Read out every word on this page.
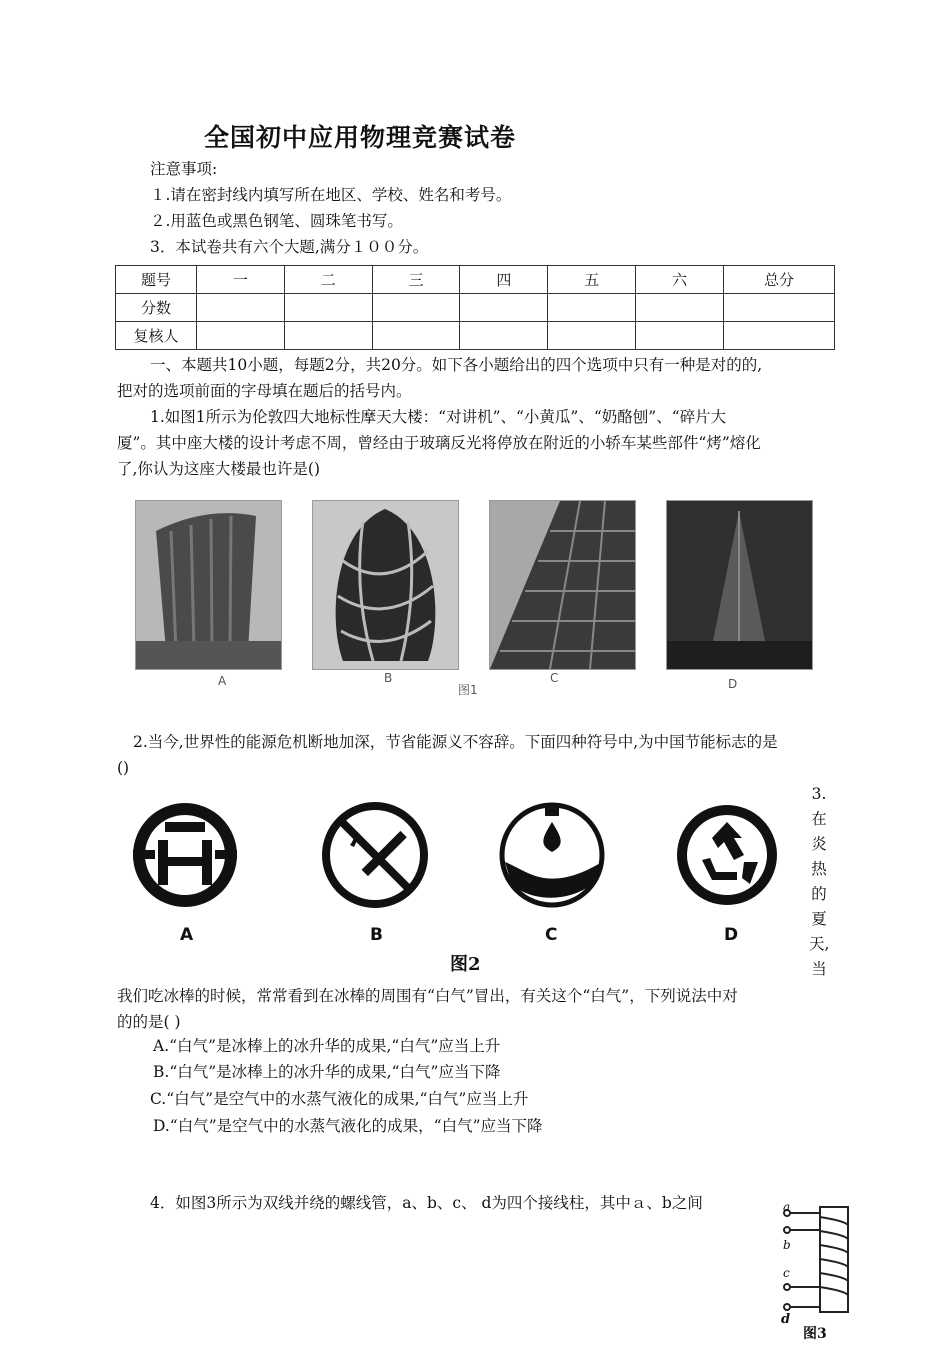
全国初中应用物理竞赛试卷
注意事项:
１.请在密封线内填写所在地区、学校、姓名和考号。
２.用蓝色或黑色钢笔、圆珠笔书写。
3．本试卷共有六个大题,满分１００分。
题号	一	二	三	四	五	六	总分
分数							
复核人							
一、本题共10小题，每题2分，共20分。如下各小题给出的四个选项中只有一种是对的的,
把对的选项前面的字母填在题后的括号内。
1.如图1所示为伦敦四大地标性摩天大楼：“对讲机”、“小黄瓜”、“奶酪刨”、“碎片大
厦”。其中座大楼的设计考虑不周，曾经由于玻璃反光将停放在附近的小轿车某些部件“烤”熔化
了,你认为这座大楼最也许是()
A	B	C	D
图1
2.当今,世界性的能源危机断地加深，节省能源义不容辞。下面四种符号中,为中国节能标志的是
()
A	B	C	D
图2
3.
在
炎
热
的
夏
天,
当
我们吃冰棒的时候，常常看到在冰棒的周围有“白气”冒出，有关这个“白气”，下列说法中对
的的是( )
A.“白气”是冰棒上的冰升华的成果,“白气”应当上升
B.“白气”是冰棒上的冰升华的成果,“白气”应当下降
C.“白气”是空气中的水蒸气液化的成果,“白气”应当上升
D.“白气”是空气中的水蒸气液化的成果，“白气”应当下降
4．如图3所示为双线并绕的螺线管，a、b、c、 d为四个接线柱，其中ａ、b之间	a
b
c
d
图3
